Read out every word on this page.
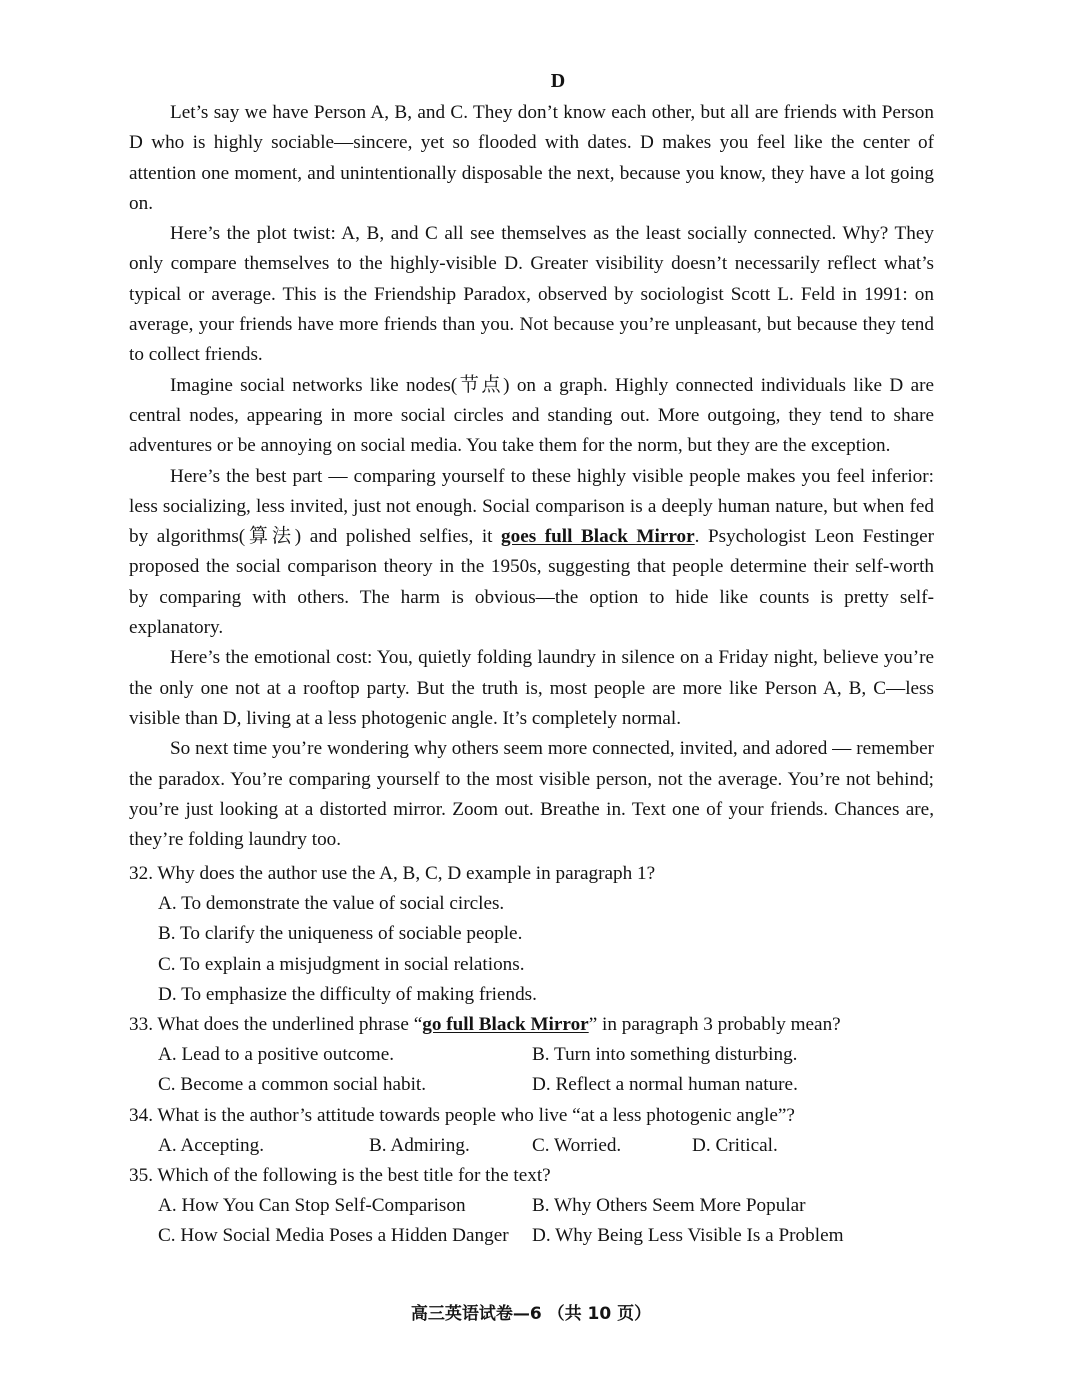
D

Let’s say we have Person A, B, and C. They don’t know each other, but all are friends with Person D who is highly sociable—sincere, yet so flooded with dates. D makes you feel like the center of attention one moment, and unintentionally disposable the next, because you know, they have a lot going on.

Here’s the plot twist: A, B, and C all see themselves as the least socially connected. Why? They only compare themselves to the highly-visible D. Greater visibility doesn’t necessarily reflect what’s typical or average. This is the Friendship Paradox, observed by sociologist Scott L. Feld in 1991: on average, your friends have more friends than you. Not because you’re unpleasant, but because they tend to collect friends.

Imagine social networks like nodes(节点) on a graph. Highly connected individuals like D are central nodes, appearing in more social circles and standing out. More outgoing, they tend to share adventures or be annoying on social media. You take them for the norm, but they are the exception.

Here’s the best part — comparing yourself to these highly visible people makes you feel inferior: less socializing, less invited, just not enough. Social comparison is a deeply human nature, but when fed by algorithms(算法) and polished selfies, it goes full Black Mirror. Psychologist Leon Festinger proposed the social comparison theory in the 1950s, suggesting that people determine their self-worth by comparing with others. The harm is obvious—the option to hide like counts is pretty self-explanatory.

Here’s the emotional cost: You, quietly folding laundry in silence on a Friday night, believe you’re the only one not at a rooftop party. But the truth is, most people are more like Person A, B, C—less visible than D, living at a less photogenic angle. It’s completely normal.

So next time you’re wondering why others seem more connected, invited, and adored — remember the paradox. You’re comparing yourself to the most visible person, not the average. You’re not behind; you’re just looking at a distorted mirror. Zoom out. Breathe in. Text one of your friends. Chances are, they’re folding laundry too.

32. Why does the author use the A, B, C, D example in paragraph 1?
A. To demonstrate the value of social circles.
B. To clarify the uniqueness of sociable people.
C. To explain a misjudgment in social relations.
D. To emphasize the difficulty of making friends.
33. What does the underlined phrase “go full Black Mirror” in paragraph 3 probably mean?
A. Lead to a positive outcome.	B. Turn into something disturbing.
C. Become a common social habit.	D. Reflect a normal human nature.
34. What is the author’s attitude towards people who live “at a less photogenic angle”?
A. Accepting.	B. Admiring.	C. Worried.	D. Critical.
35. Which of the following is the best title for the text?
A. How You Can Stop Self-Comparison	B. Why Others Seem More Popular
C. How Social Media Poses a Hidden Danger D. Why Being Less Visible Is a Problem
高三英语试卷—6 （共 10 页）
